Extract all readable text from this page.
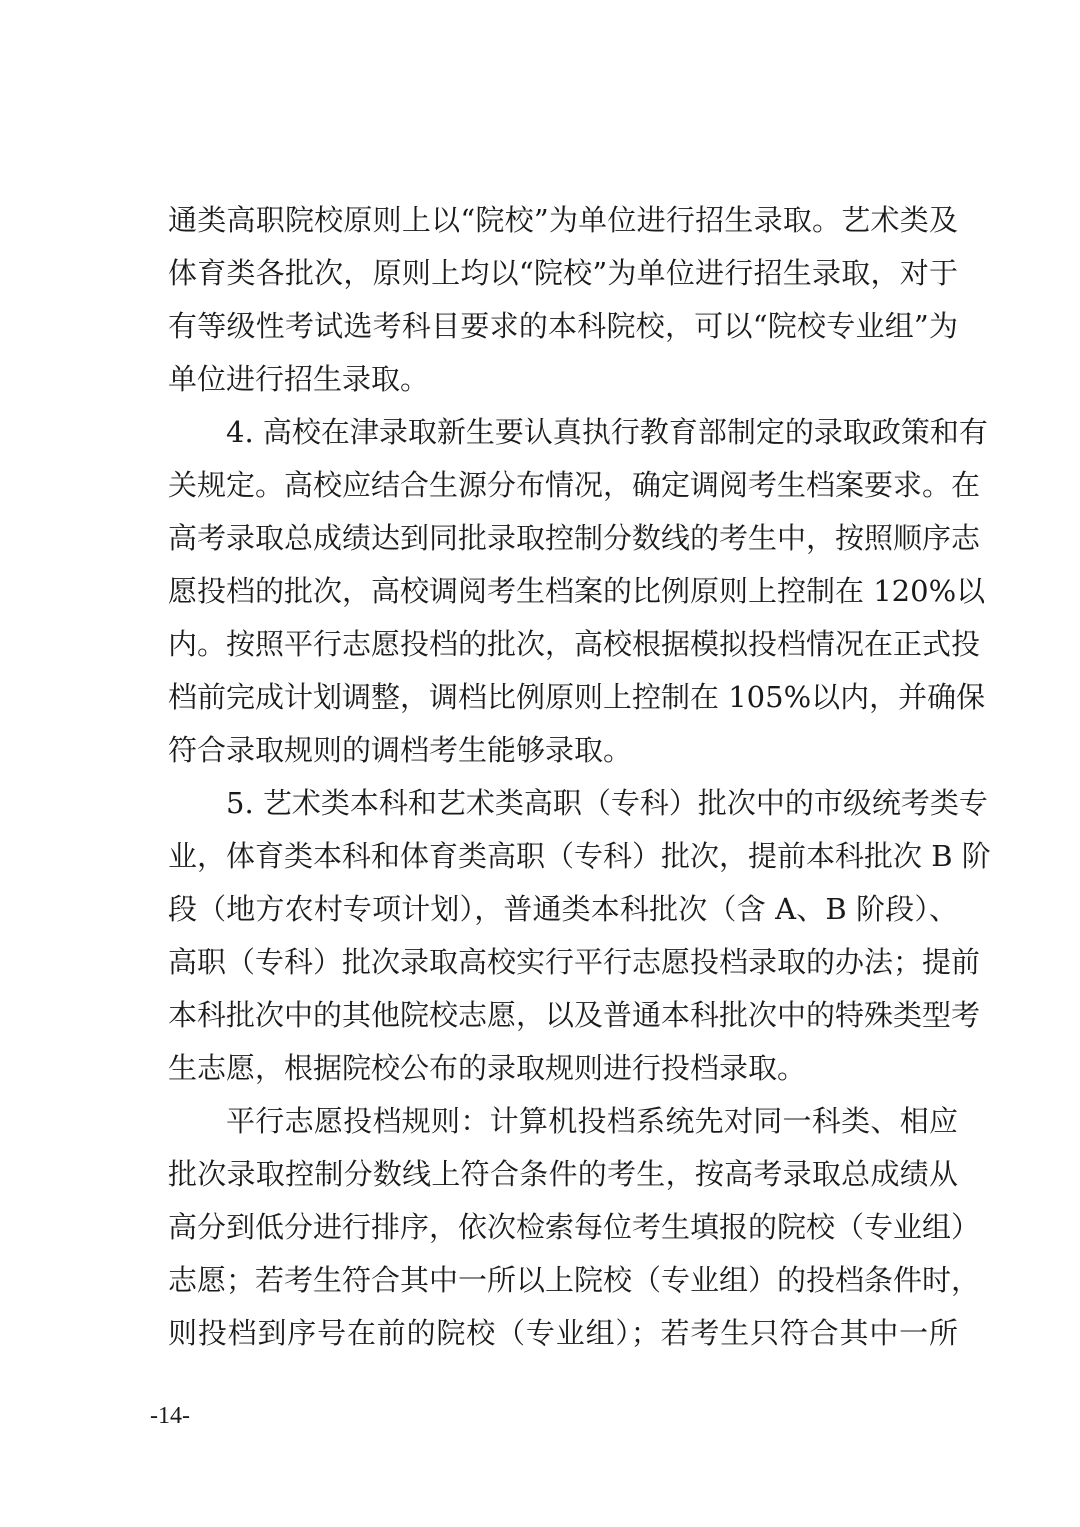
通类高职院校原则上以“院校”为单位进行招生录取。艺术类及
体育类各批次，原则上均以“院校”为单位进行招生录取，对于
有等级性考试选考科目要求的本科院校，可以“院校专业组”为
单位进行招生录取。
4. 高校在津录取新生要认真执行教育部制定的录取政策和有
关规定。高校应结合生源分布情况，确定调阅考生档案要求。在
高考录取总成绩达到同批录取控制分数线的考生中，按照顺序志
愿投档的批次，高校调阅考生档案的比例原则上控制在 120%以
内。按照平行志愿投档的批次，高校根据模拟投档情况在正式投
档前完成计划调整，调档比例原则上控制在 105%以内，并确保
符合录取规则的调档考生能够录取。
5. 艺术类本科和艺术类高职（专科）批次中的市级统考类专
业，体育类本科和体育类高职（专科）批次，提前本科批次 B 阶
段（地方农村专项计划），普通类本科批次（含 A、B 阶段）、
高职（专科）批次录取高校实行平行志愿投档录取的办法；提前
本科批次中的其他院校志愿，以及普通本科批次中的特殊类型考
生志愿，根据院校公布的录取规则进行投档录取。
平行志愿投档规则：计算机投档系统先对同一科类、相应
批次录取控制分数线上符合条件的考生，按高考录取总成绩从
高分到低分进行排序，依次检索每位考生填报的院校（专业组）
志愿；若考生符合其中一所以上院校（专业组）的投档条件时，
则投档到序号在前的院校（专业组）；若考生只符合其中一所
-14-
